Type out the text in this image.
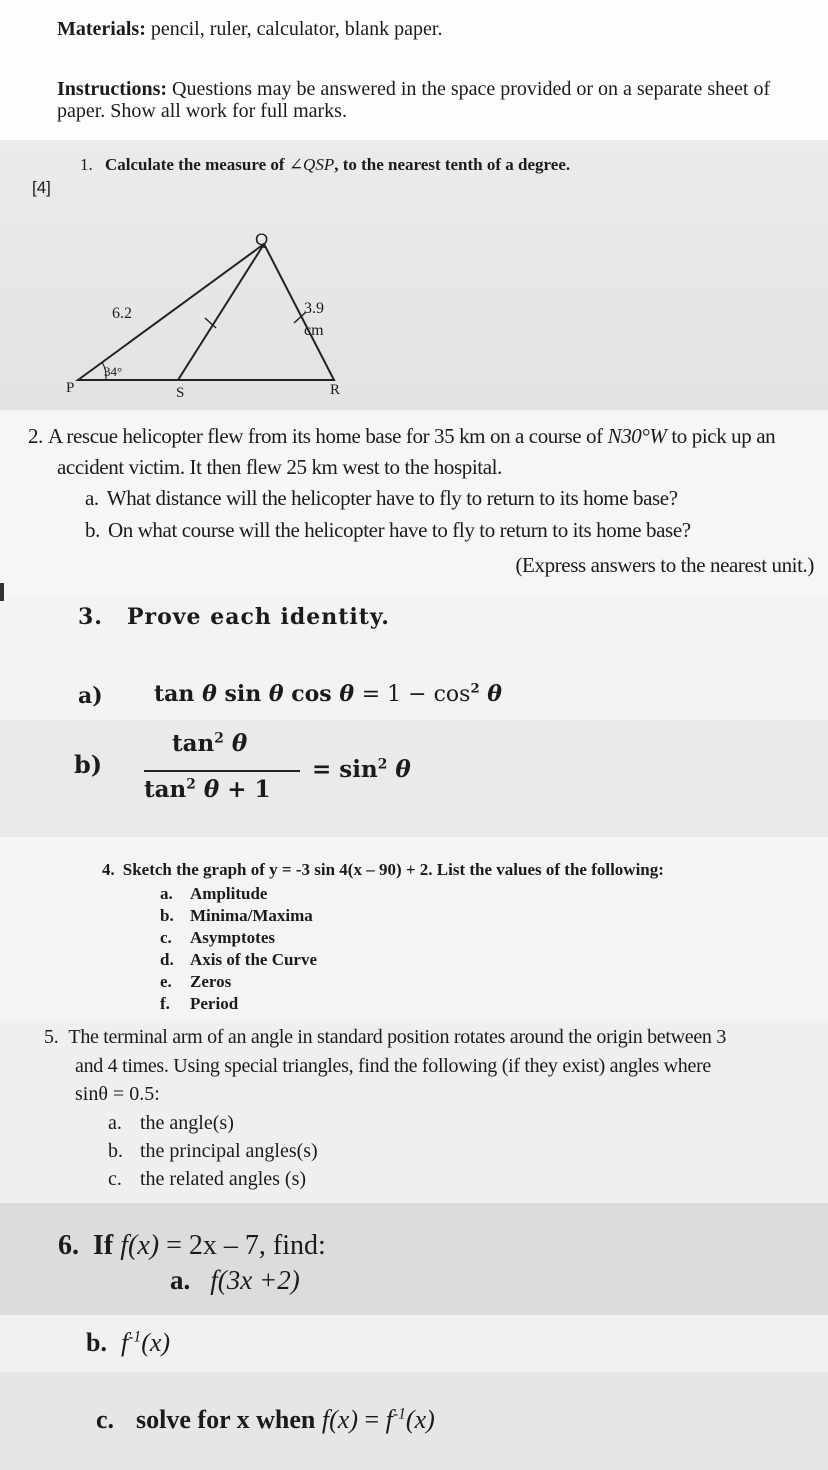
Materials: pencil, ruler, calculator, blank paper.
Instructions: Questions may be answered in the space provided or on a separate sheet of
paper. Show all work for full marks.
[4]
1. Calculate the measure of ∠QSP, to the nearest tenth of a degree.
Q
P	S	R
6.2	3.9
cm
34°
2. A rescue helicopter flew from its home base for 35 km on a course of N30°W to pick up an
accident victim. It then flew 25 km west to the hospital.
a. What distance will the helicopter have to fly to return to its home base?
b. On what course will the helicopter have to fly to return to its home base?
(Express answers to the nearest unit.)
3. Prove each identity.
a) tan θ sin θ $\cos \theta = 1 - \cos^2 \theta$
b)
$\tan^2 \theta$
$\tan^2 \theta + 1$
= $\sin^2 \theta$
4. Sketch the graph of y = -3 sin 4(x – 90) + 2. List the values of the following:
a. Amplitude
b. Minima/Maxima
c. Asymptotes
d. Axis of the Curve
e. Zeros
f. Period
5. The terminal arm of an angle in standard position rotates around the origin between 3
and 4 times. Using special triangles, find the following (if they exist) angles where
sinθ = 0.5:
a. the angle(s)
b. the principal angles(s)
c. the related angles (s)
6. If f(x) = 2x – 7, find:
a. f(3x +2)
b. $f^{-1}(x)$
c. solve for x when $f(x) = f^{-1}(x)$
